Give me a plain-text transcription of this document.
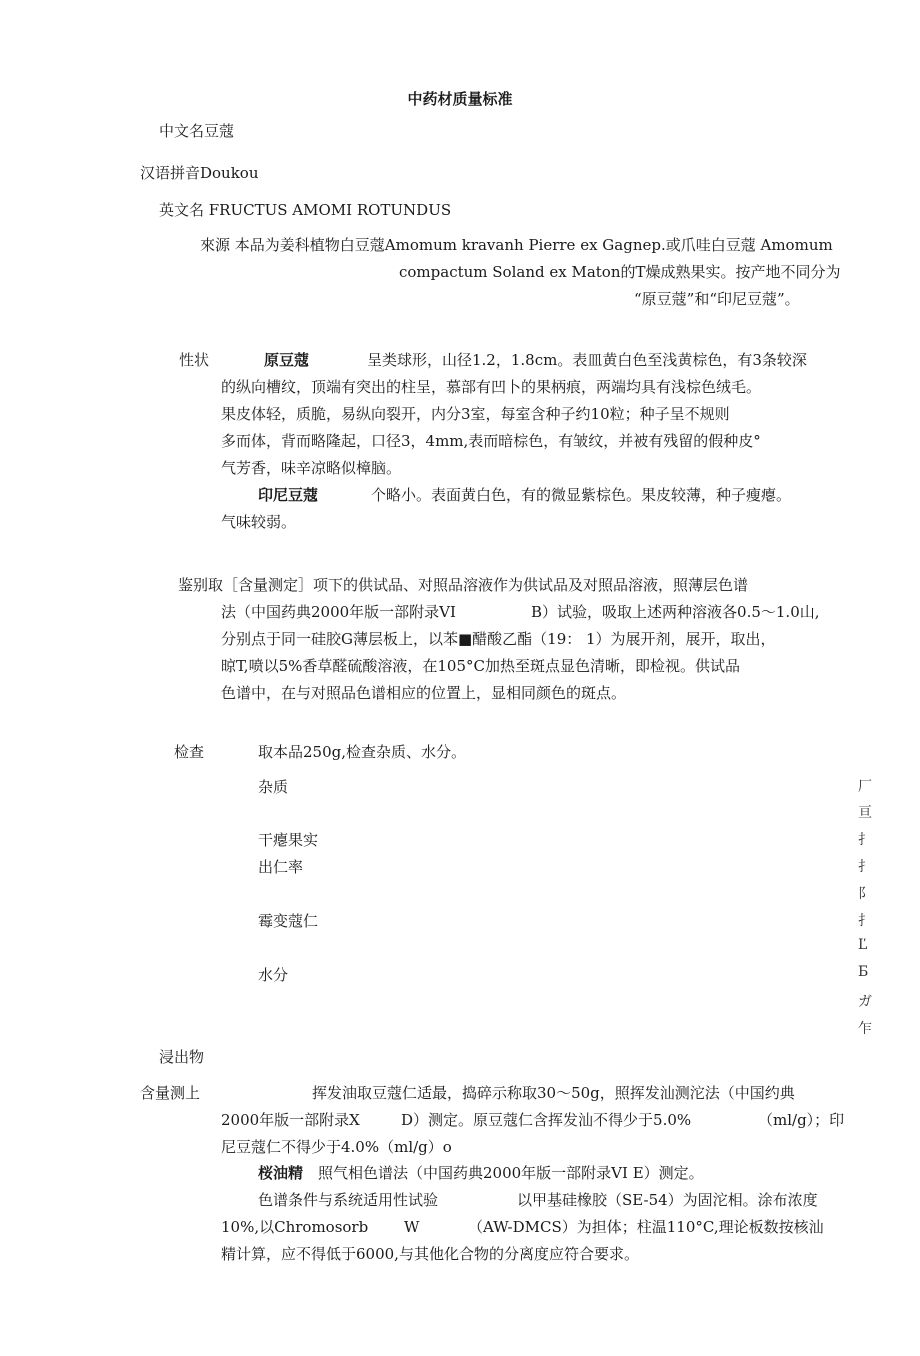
中药材质量标准
中文名豆蔻
汉语拼音Doukou
英文名 FRUCTUS AMOMI ROTUNDUS
來源 本品为姜科植物白豆蔻Amomum kravanh Pierre ex Gagnep.或爪哇白豆蔻 Amomum
compactum Soland ex Maton的T燥成熟果实。按产地不同分为
“原豆蔻”和“印尼豆蔻”。
性状	原豆蔻	呈类球形，山径1.2，1.8cm。表皿黄白色至浅黄棕色，有3条较深
的纵向槽纹，顶端有突出的柱呈，慕部有凹卜的果柄痕，两端均具有浅棕色绒毛。
果皮体轻，质脆，易纵向裂开，内分3室，每室含种子约10粒；种子呈不规则
多而体，背而略隆起，口径3，4mm,表而暗棕色，有皱纹，并被有残留的假种皮°
气芳香，味辛凉略似樟脑。
印尼豆蔻	个略小。表面黄白色，有的微显紫棕色。果皮较薄，种子瘦瘪。
气味较弱。
鉴别取［含量测定］项下的供试品、对照品溶液作为供试品及对照品溶液，照薄层色谱
法（中国药典2000年版一部附录VI	B）试验，吸取上述两种溶液各0.5～1.0山,
分别点于同一硅胶G薄层板上，以苯■醋酸乙酯（19： 1）为展开剂，展开，取出，
晾T,喷以5%香草醛硫酸溶液，在105°C加热至斑点显色清晰，即检视。供试品
色谱中，在与对照品色谱相应的位置上，显相同颜色的斑点。
检查	取本品250g,检查杂质、水分。
杂质
干瘪果实
出仁率
霉变蔻仁
水分
厂
亘
扌
扌
阝
扌
Ľ
Б
ガ
乍
浸出物
含量测上	挥发油取豆蔻仁适最，捣碎示称取30～50g，照挥发汕测沱法（中国约典
2000年版一部附录X	D）测定。原豆蔻仁含挥发汕不得少于5.0%	（ml/g）；印
尼豆蔻仁不得少于4.0%（ml/g）o
桜油精 照气相色谱法（中国药典2000年版一部附录VI E）测定。
色谱条件与系统适用性试验	以甲基硅橡胶（SE-54）为固沱相。涂布浓度
10%,以Chromosorb W	（AW-DMCS）为担体；柱温110°C,理论板数按核汕
精计算，应不得低于6000,与其他化合物的分离度应符合要求。
